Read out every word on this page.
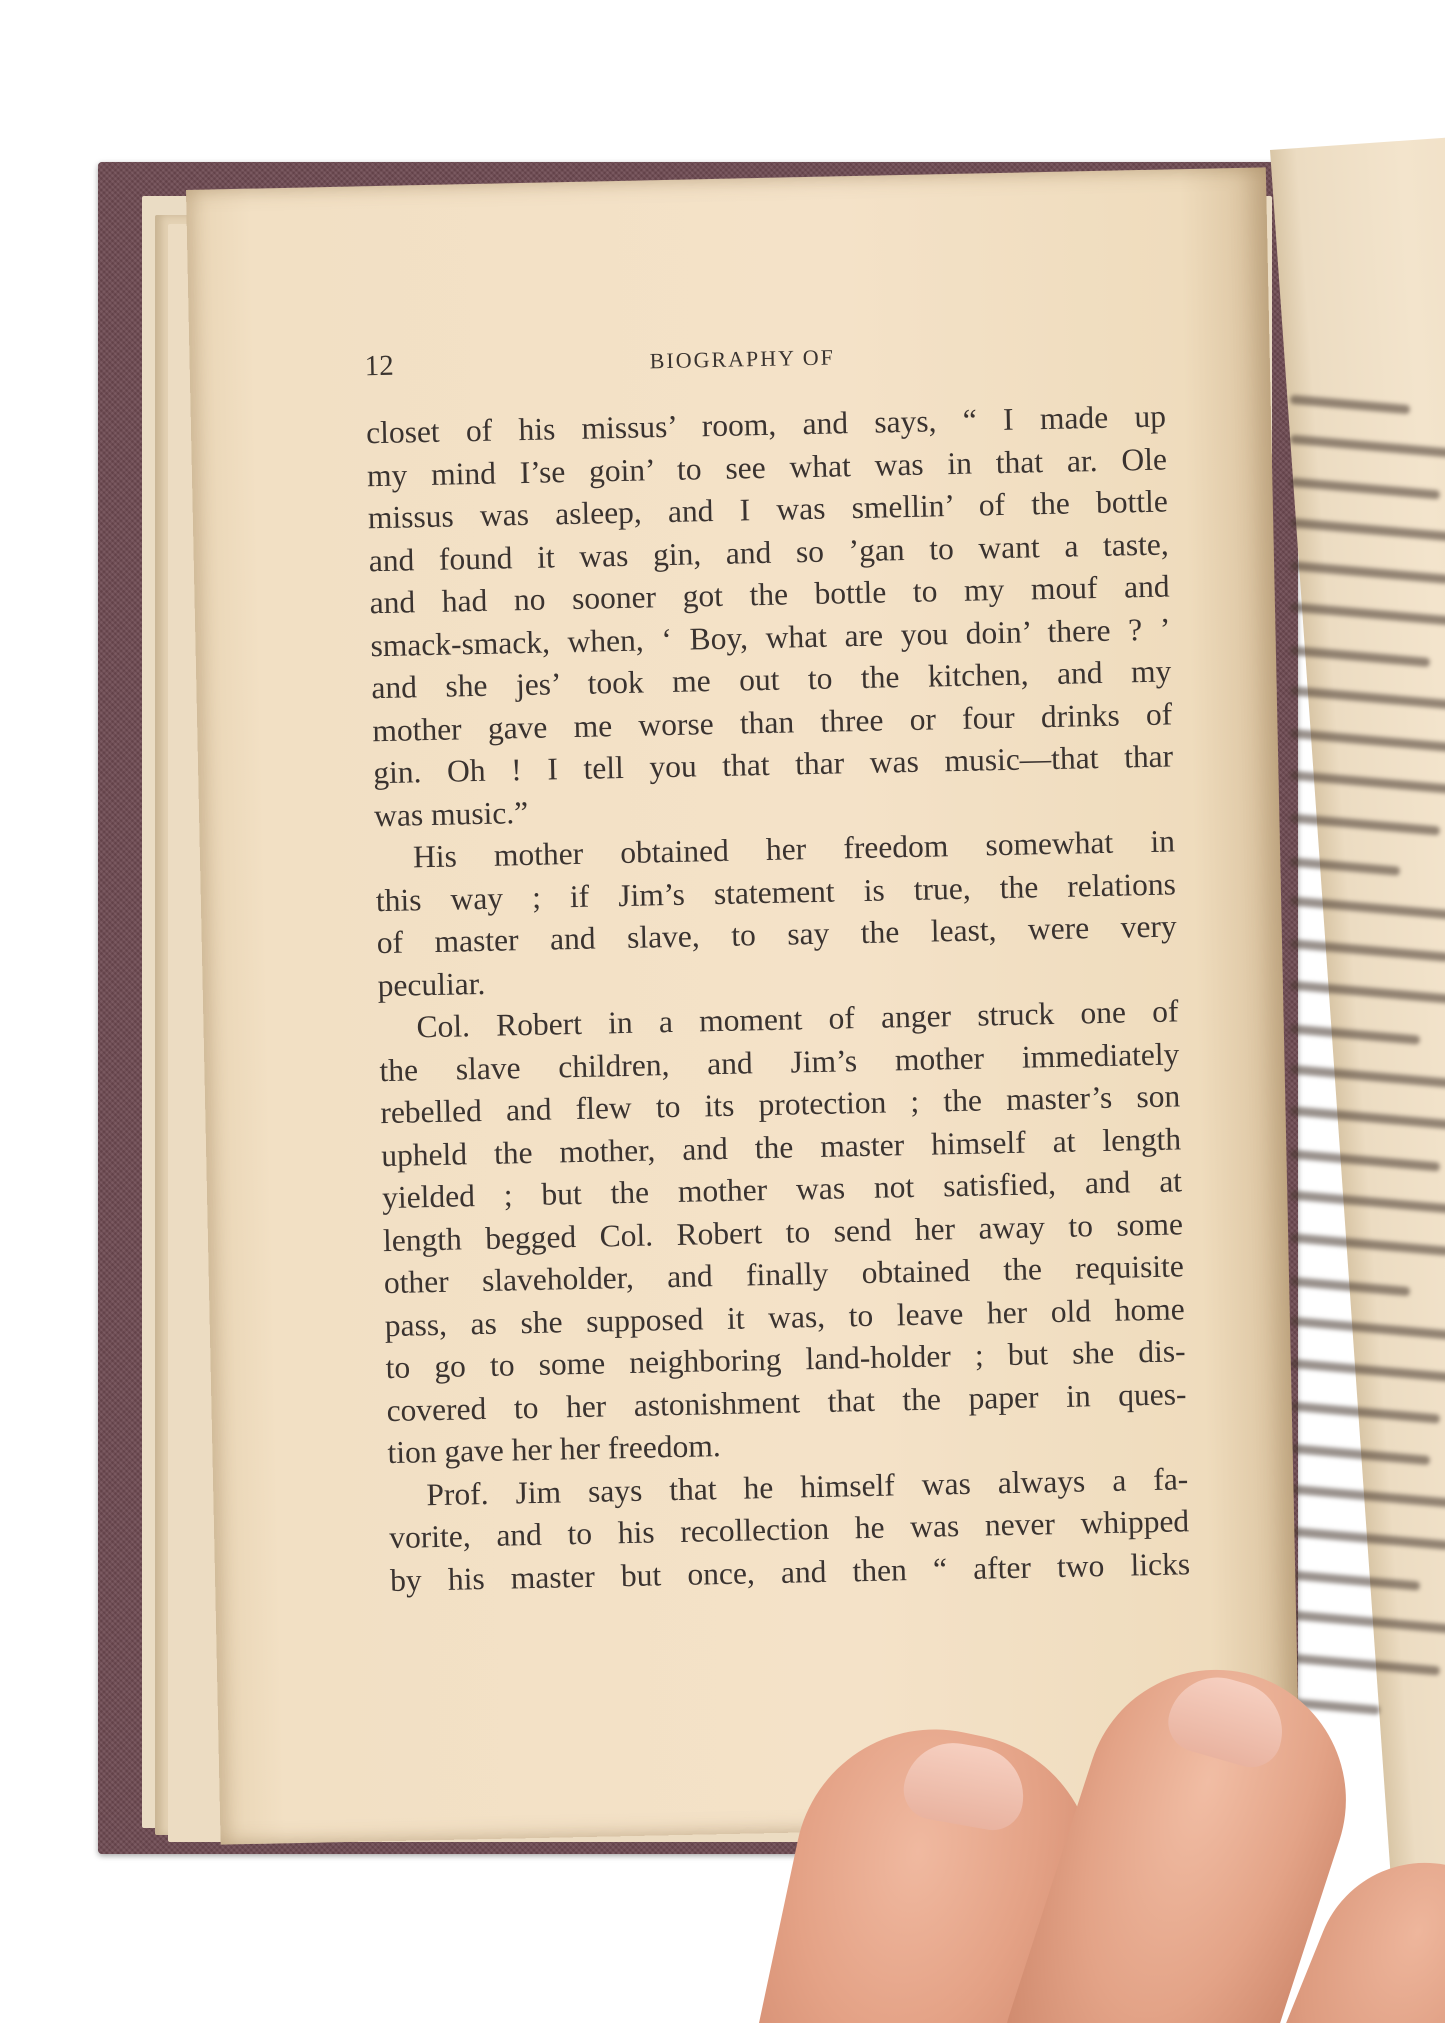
12	BIOGRAPHY OF
closet of his missus’ room, and says, “ I made up
my mind I’se goin’ to see what was in that ar. Ole
missus was asleep, and I was smellin’ of the bottle
and found it was gin, and so ’gan to want a taste,
and had no sooner got the bottle to my mouf and
smack-smack, when, ‘ Boy, what are you doin’ there ? ’
and she jes’ took me out to the kitchen, and my
mother gave me worse than three or four drinks of
gin. Oh ! I tell you that thar was music—that thar
was music.”
His mother obtained her freedom somewhat in
this way ; if Jim’s statement is true, the relations
of master and slave, to say the least, were very
peculiar.
Col. Robert in a moment of anger struck one of
the slave children, and Jim’s mother immediately
rebelled and flew to its protection ; the master’s son
upheld the mother, and the master himself at length
yielded ; but the mother was not satisfied, and at
length begged Col. Robert to send her away to some
other slaveholder, and finally obtained the requisite
pass, as she supposed it was, to leave her old home
to go to some neighboring land-holder ; but she dis-
covered to her astonishment that the paper in ques-
tion gave her her freedom.
Prof. Jim says that he himself was always a fa-
vorite, and to his recollection he was never whipped
by his master but once, and then “ after two licks
